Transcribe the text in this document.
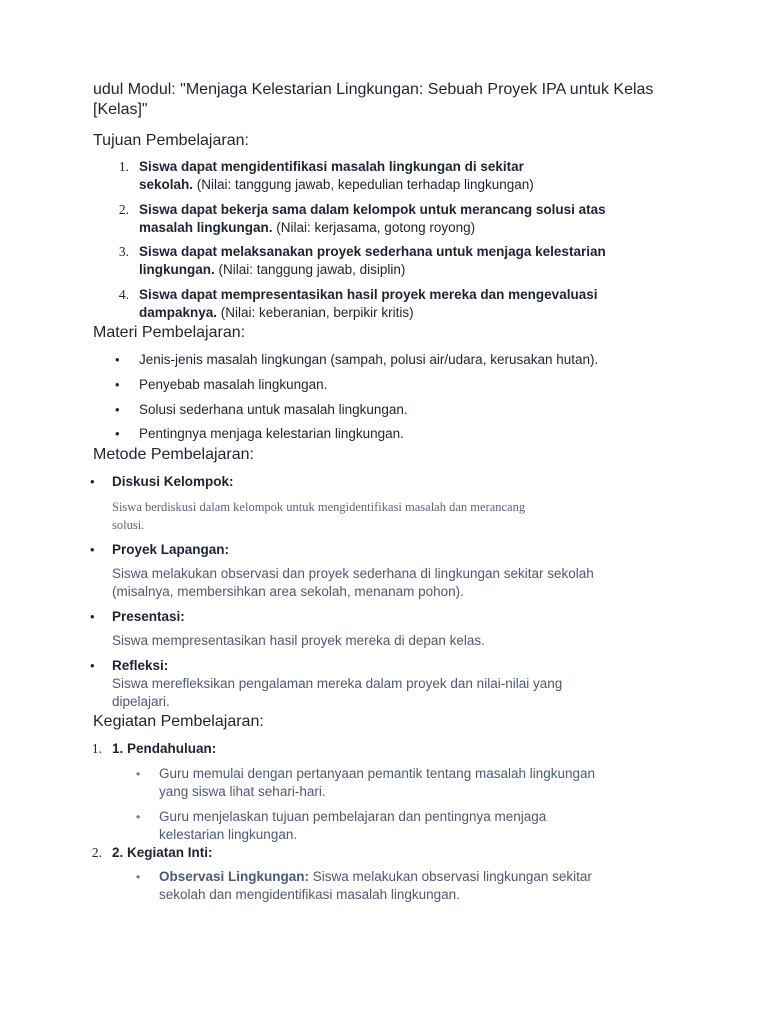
udul Modul: "Menjaga Kelestarian Lingkungan: Sebuah Proyek IPA untuk Kelas [Kelas]"
Tujuan Pembelajaran:
1. Siswa dapat mengidentifikasi masalah lingkungan di sekitar
sekolah. (Nilai: tanggung jawab, kepedulian terhadap lingkungan)
2. Siswa dapat bekerja sama dalam kelompok untuk merancang solusi atas
masalah lingkungan. (Nilai: kerjasama, gotong royong)
3. Siswa dapat melaksanakan proyek sederhana untuk menjaga kelestarian
lingkungan. (Nilai: tanggung jawab, disiplin)
4. Siswa dapat mempresentasikan hasil proyek mereka dan mengevaluasi
dampaknya. (Nilai: keberanian, berpikir kritis)
Materi Pembelajaran:
• Jenis-jenis masalah lingkungan (sampah, polusi air/udara, kerusakan hutan).
• Penyebab masalah lingkungan.
• Solusi sederhana untuk masalah lingkungan.
• Pentingnya menjaga kelestarian lingkungan.
Metode Pembelajaran:
• Diskusi Kelompok:
Siswa berdiskusi dalam kelompok untuk mengidentifikasi masalah dan merancang
solusi.
• Proyek Lapangan:
Siswa melakukan observasi dan proyek sederhana di lingkungan sekitar sekolah
(misalnya, membersihkan area sekolah, menanam pohon).
• Presentasi:
Siswa mempresentasikan hasil proyek mereka di depan kelas.
• Refleksi:
Siswa merefleksikan pengalaman mereka dalam proyek dan nilai-nilai yang
dipelajari.
Kegiatan Pembelajaran:
1. 1. Pendahuluan:
• Guru memulai dengan pertanyaan pemantik tentang masalah lingkungan
yang siswa lihat sehari-hari.
• Guru menjelaskan tujuan pembelajaran dan pentingnya menjaga
kelestarian lingkungan.
2. 2. Kegiatan Inti:
• Observasi Lingkungan: Siswa melakukan observasi lingkungan sekitar
sekolah dan mengidentifikasi masalah lingkungan.
